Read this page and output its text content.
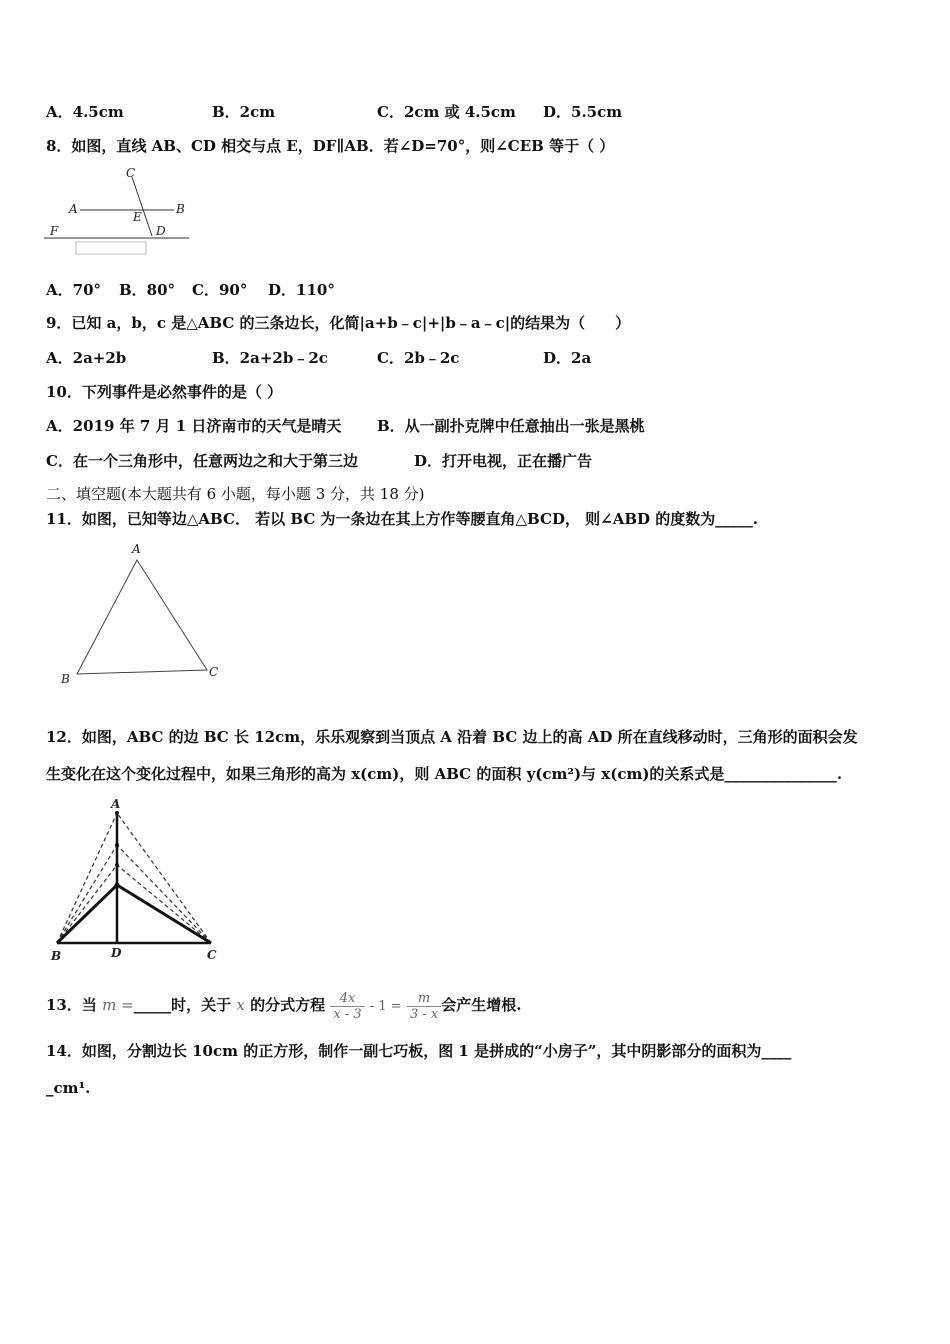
A．4.5cm	B．2cm	C．2cm 或 4.5cm D．5.5cm
8．如图，直线 AB、CD 相交与点 E，DF∥AB．若∠D=70°，则∠CEB 等于（ ）
C
A	B
E
F	D
A．70° B．80° C．90° D．110°
9．已知 a，b，c 是△ABC 的三条边长，化简|a+b﹣c|+|b﹣a﹣c|的结果为（　　）
A．2a+2b	B．2a+2b﹣2c	C．2b﹣2c	D．2a
10．下列事件是必然事件的是（ ）
A．2019 年 7 月 1 日济南市的天气是晴天 B．从一副扑克牌中任意抽出一张是黑桃
C．在一个三角形中，任意两边之和大于第三边	D．打开电视，正在播广告
二、填空题(本大题共有 6 小题，每小题 3 分，共 18 分)
11．如图，已知等边△ABC． 若以 BC 为一条边在其上方作等腰直角△BCD， 则∠ABD 的度数为_____.
A
B	C
12．如图，ABC 的边 BC 长 12cm，乐乐观察到当顶点 A 沿着 BC 边上的高 AD 所在直线移动时，三角形的面积会发
生变化在这个变化过程中，如果三角形的高为 x(cm)，则 ABC 的面积 y(cm²)与 x(cm)的关系式是_______________.
A
B	D	C
13．当 m =_____时，关于 x 的分式方程 $\frac{4x}{x - 3} - 1 = \frac{m}{3 - x}$ 会产生增根.
14．如图，分割边长 10cm 的正方形，制作一副七巧板，图 1 是拼成的“小房子”，其中阴影部分的面积为____
_cm¹.
